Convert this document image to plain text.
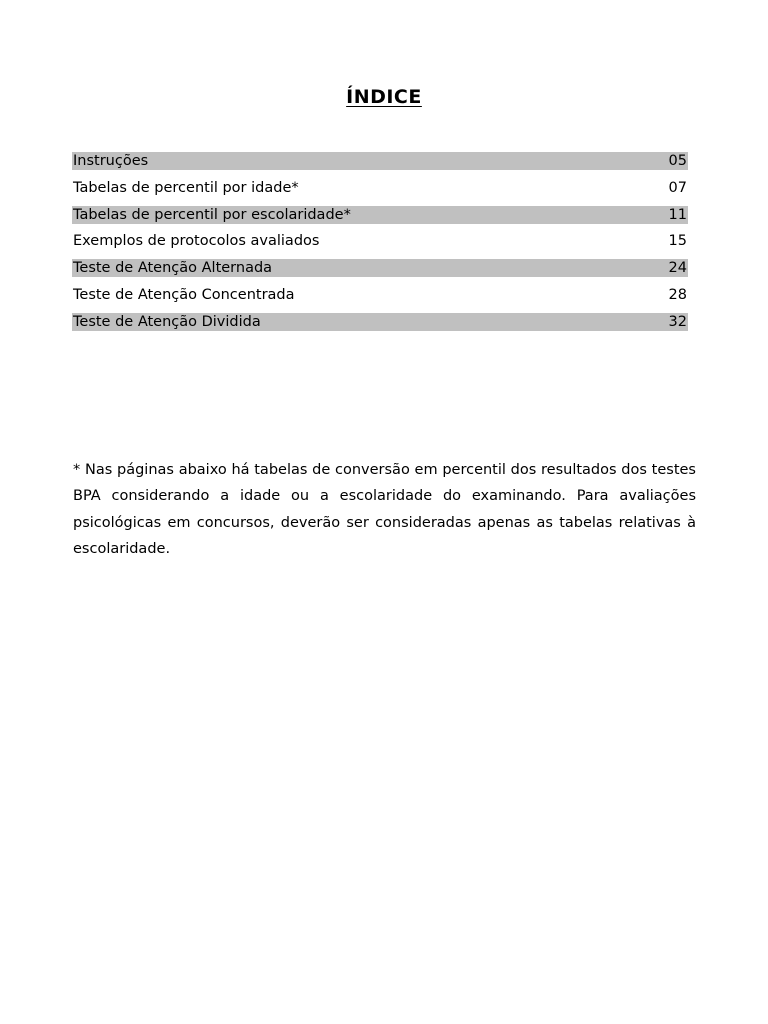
ÍNDICE
Instruções	05
Tabelas de percentil por idade*	07
Tabelas de percentil por escolaridade*	11
Exemplos de protocolos avaliados	15
Teste de Atenção Alternada	24
Teste de Atenção Concentrada	28
Teste de Atenção Dividida	32

* Nas páginas abaixo há tabelas de conversão em percentil dos resultados dos testes BPA considerando a idade ou a escolaridade do examinando. Para avaliações psicológicas em concursos, deverão ser consideradas apenas as tabelas relativas à escolaridade.
